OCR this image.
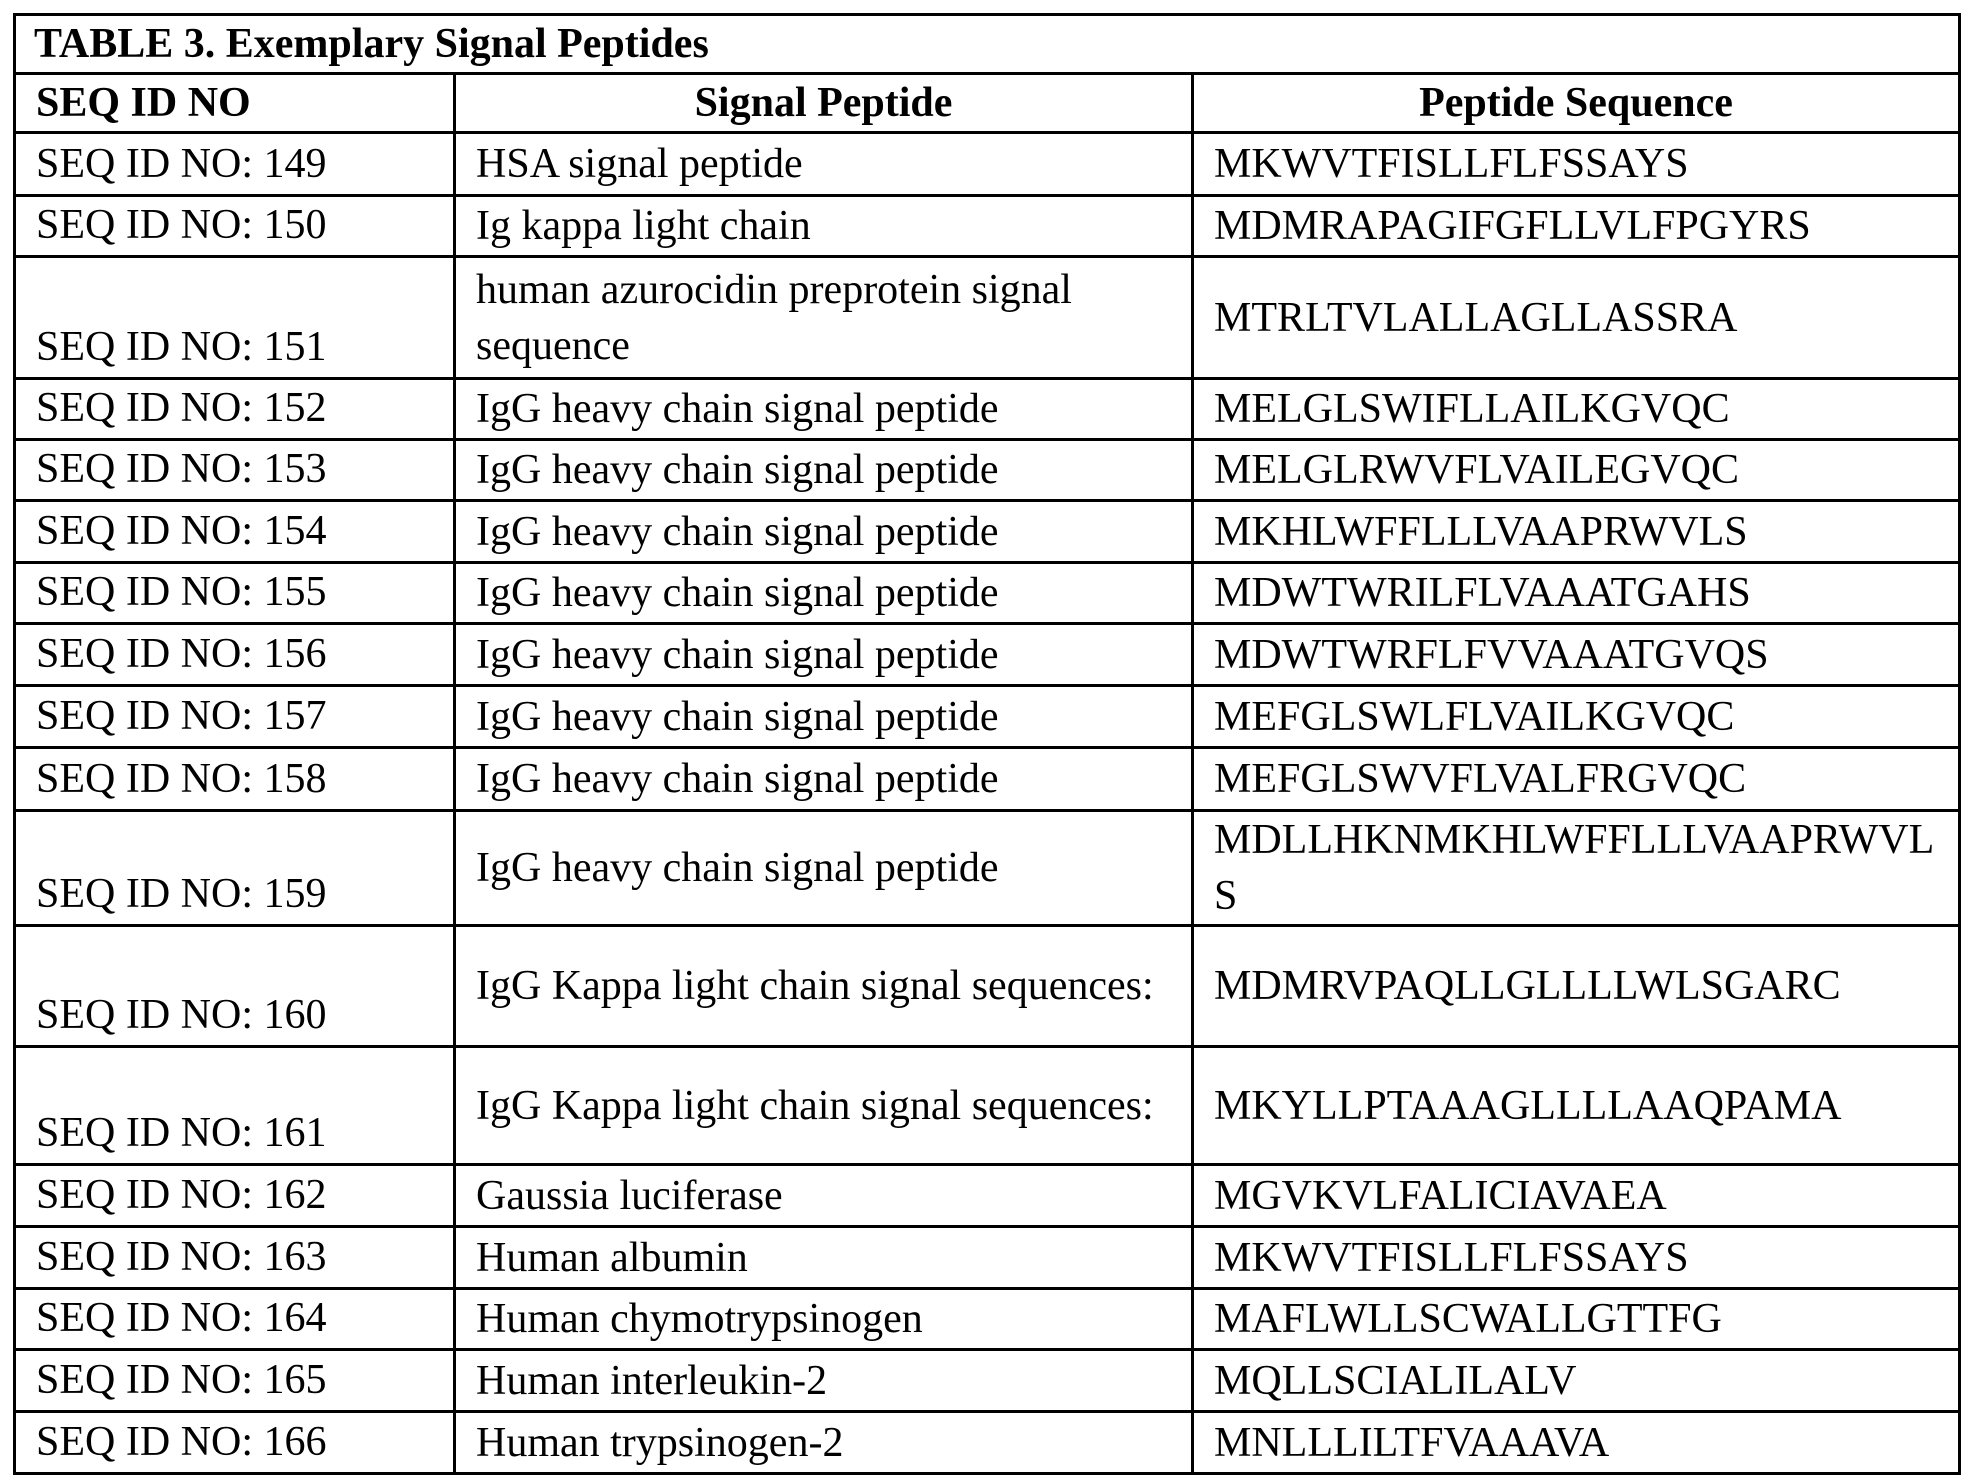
TABLE 3. Exemplary Signal Peptides
SEQ ID NO	Signal Peptide	Peptide Sequence
SEQ ID NO: 149	HSA signal peptide	MKWVTFISLLFLFSSAYS
SEQ ID NO: 150	Ig kappa light chain	MDMRAPAGIFGFLLVLFPGYRS
SEQ ID NO: 151	human azurocidin preprotein signal sequence	MTRLTVLALLAGLLASSRA
SEQ ID NO: 152	IgG heavy chain signal peptide	MELGLSWIFLLAILKGVQC
SEQ ID NO: 153	IgG heavy chain signal peptide	MELGLRWVFLVAILEGVQC
SEQ ID NO: 154	IgG heavy chain signal peptide	MKHLWFFLLLVAAPRWVLS
SEQ ID NO: 155	IgG heavy chain signal peptide	MDWTWRILFLVAAATGAHS
SEQ ID NO: 156	IgG heavy chain signal peptide	MDWTWRFLFVVAAATGVQS
SEQ ID NO: 157	IgG heavy chain signal peptide	MEFGLSWLFLVAILKGVQC
SEQ ID NO: 158	IgG heavy chain signal peptide	MEFGLSWVFLVALFRGVQC
SEQ ID NO: 159	IgG heavy chain signal peptide	MDLLHKNMKHLWFFLLLVAAPRWVLS
SEQ ID NO: 160	IgG Kappa light chain signal sequences:	MDMRVPAQLLGLLLLWLSGARC
SEQ ID NO: 161	IgG Kappa light chain signal sequences:	MKYLLPTAAAGLLLLAAQPAMA
SEQ ID NO: 162	Gaussia luciferase	MGVKVLFALICIAVAEA
SEQ ID NO: 163	Human albumin	MKWVTFISLLFLFSSAYS
SEQ ID NO: 164	Human chymotrypsinogen	MAFLWLLSCWALLGTTFG
SEQ ID NO: 165	Human interleukin-2	MQLLSCIALILALV
SEQ ID NO: 166	Human trypsinogen-2	MNLLLILTFVAAAVA
